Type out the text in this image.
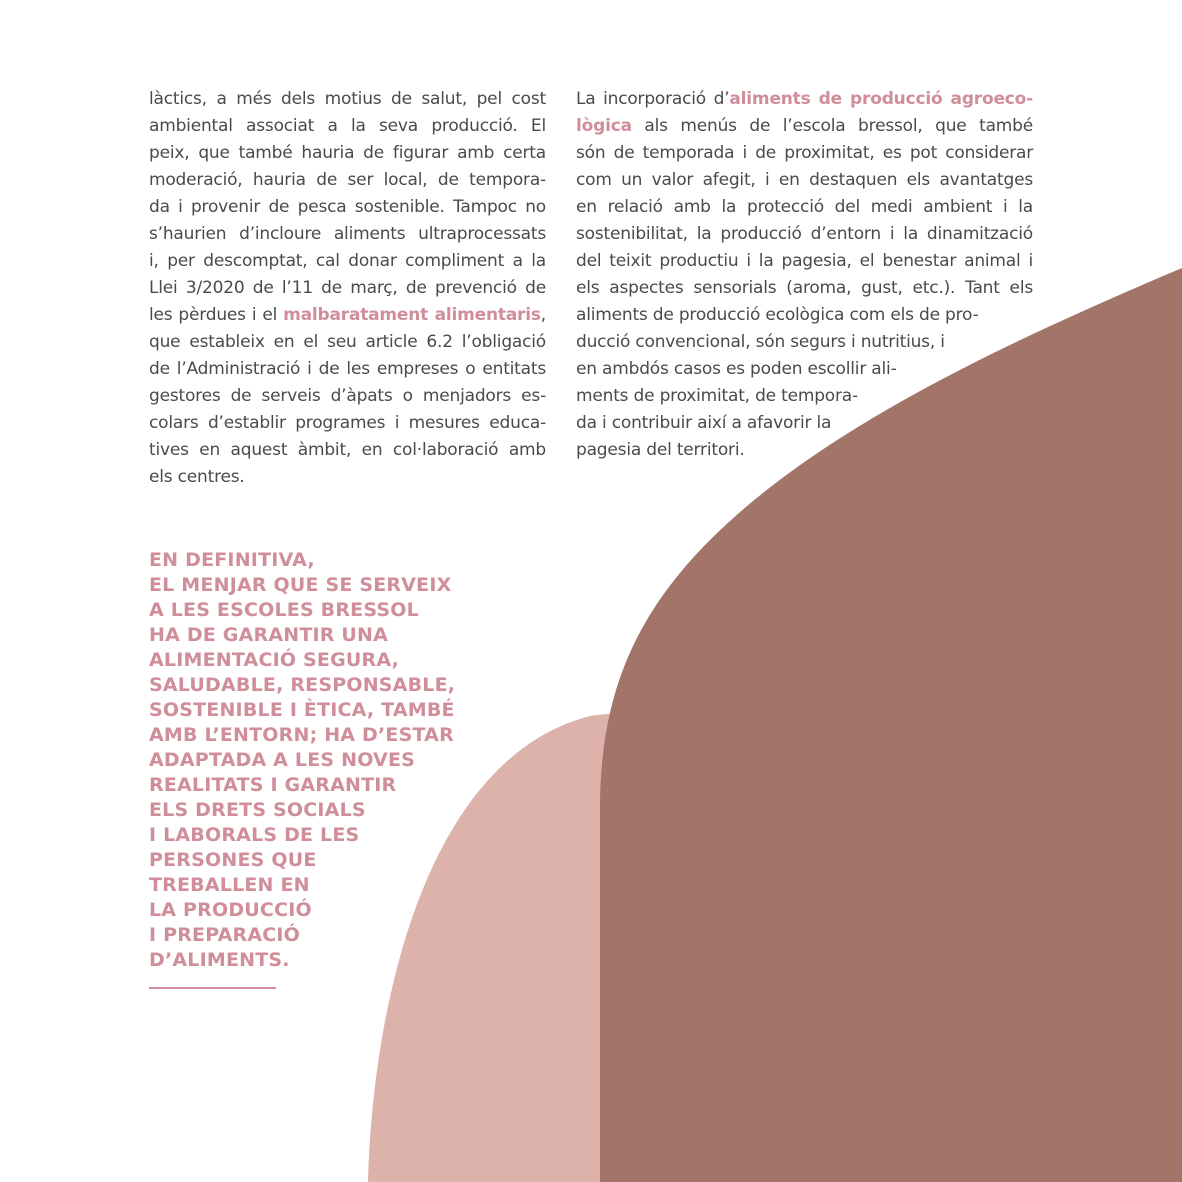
làctics, a més dels motius de salut, pel cost
ambiental associat a la seva producció. El
peix, que també hauria de figurar amb certa
moderació, hauria de ser local, de tempora-
da i provenir de pesca sostenible. Tampoc no
s’haurien d’incloure aliments ultraprocessats
i, per descomptat, cal donar compliment a la
Llei 3/2020 de l’11 de març, de prevenció de
les pèrdues i el malbaratament alimentaris,
que estableix en el seu article 6.2 l’obligació
de l’Administració i de les empreses o entitats
gestores de serveis d’àpats o menjadors es-
colars d’establir programes i mesures educa-
tives en aquest àmbit, en col·laboració amb
els centres.
La incorporació d’aliments de producció agroeco-
lògica als menús de l’escola bressol, que també
són de temporada i de proximitat, es pot considerar
com un valor afegit, i en destaquen els avantatges
en relació amb la protecció del medi ambient i la
sostenibilitat, la producció d’entorn i la dinamització
del teixit productiu i la pagesia, el benestar animal i
els aspectes sensorials (aroma, gust, etc.). Tant els
aliments de producció ecològica com els de pro-
ducció convencional, són segurs i nutritius, i
en ambdós casos es poden escollir ali-
ments de proximitat, de tempora-
da i contribuir així a afavorir la
pagesia del territori.
EN DEFINITIVA,
EL MENJAR QUE SE SERVEIX
A LES ESCOLES BRESSOL
HA DE GARANTIR UNA
ALIMENTACIÓ SEGURA,
SALUDABLE, RESPONSABLE,
SOSTENIBLE I ÈTICA, TAMBÉ
AMB L’ENTORN; HA D’ESTAR
ADAPTADA A LES NOVES
REALITATS I GARANTIR
ELS DRETS SOCIALS
I LABORALS DE LES
PERSONES QUE
TREBALLEN EN
LA PRODUCCIÓ
I PREPARACIÓ
D’ALIMENTS.
